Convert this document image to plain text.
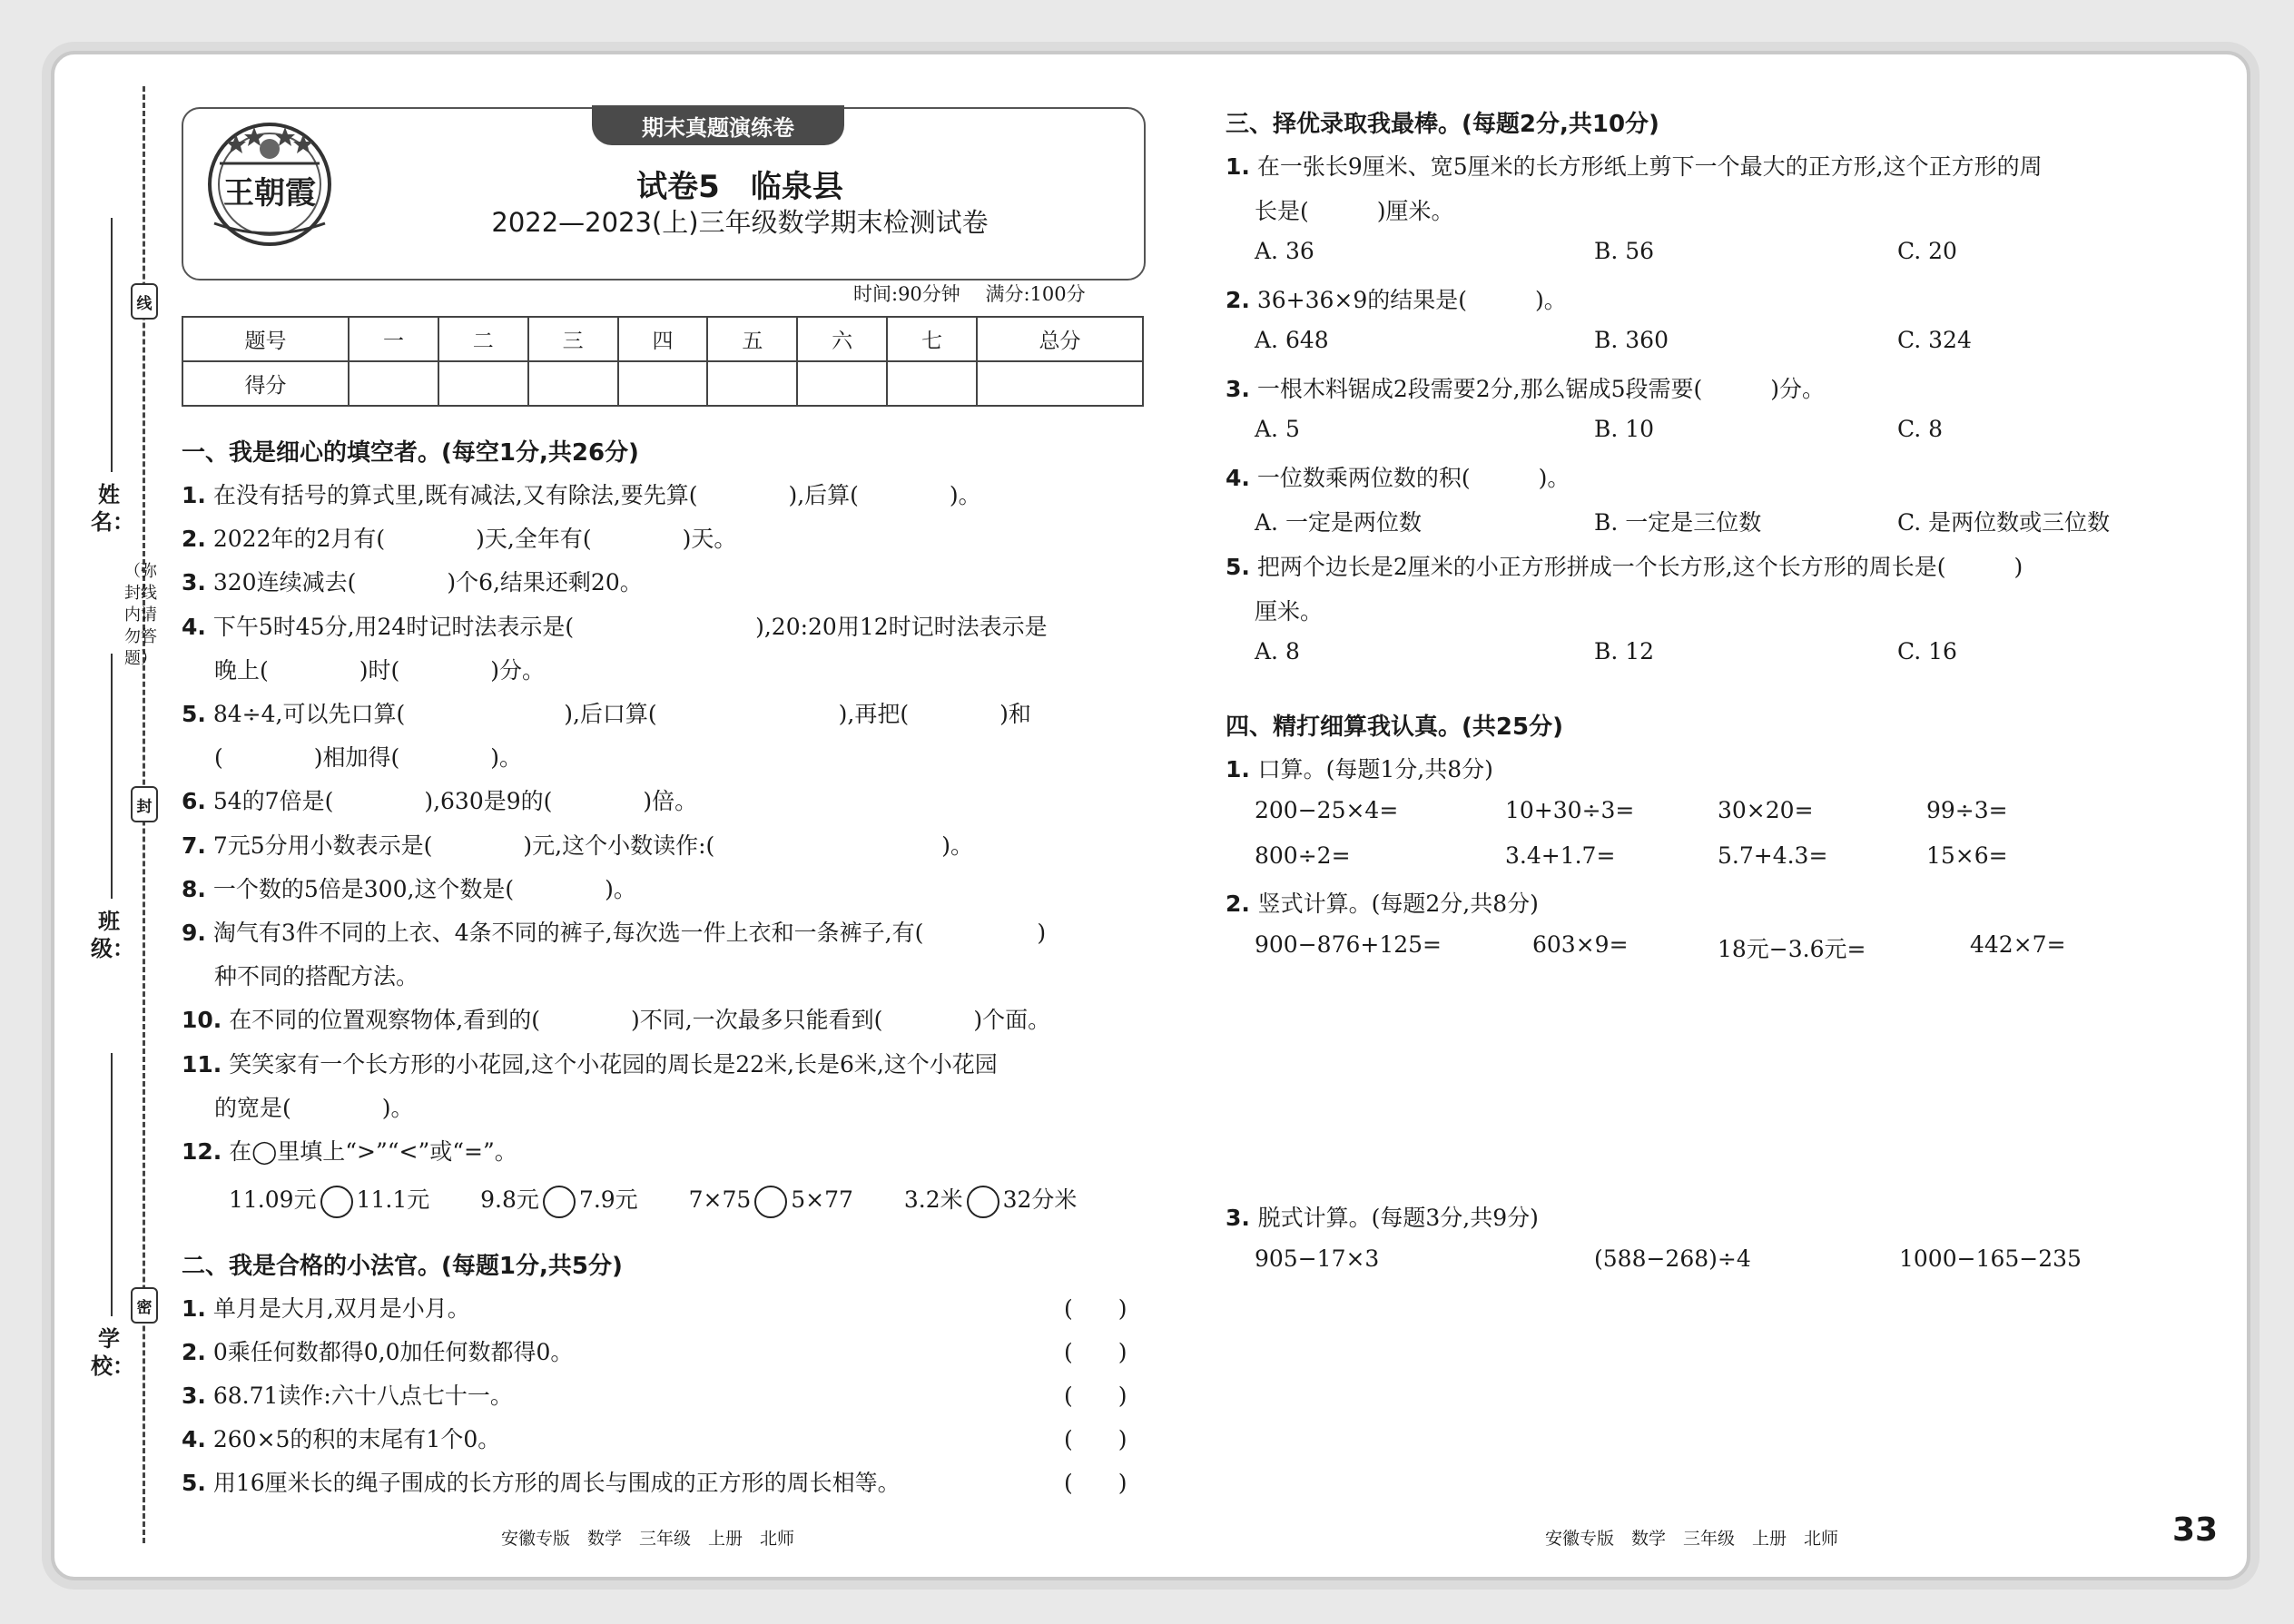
线
封
密
（弥封线内请勿答题）
姓名：
班级：
学校：
期末真题演练卷
王朝霞	试卷5　临泉县
2022—2023(上)三年级数学期末检测试卷
时间:90分钟　 满分:100分
题号	一	二	三	四	五	六	七	总分
得分								
一、我是细心的填空者。(每空1分,共26分)
1. 在没有括号的算式里,既有减法,又有除法,要先算(　　　　),后算(　　　　)。
2. 2022年的2月有(　　　　)天,全年有(　　　　)天。
3. 320连续减去(　　　　)个6,结果还剩20。
4. 下午5时45分,用24时记时法表示是(　　　　　　　　),20:20用12时记时法表示是
晚上(　　　　)时(　　　　)分。
5. 84÷4,可以先口算(　　　　　　　),后口算(　　　　　　　　),再把(　　　　)和
(　　　　)相加得(　　　　)。
6. 54的7倍是(　　　　),630是9的(　　　　)倍。
7. 7元5分用小数表示是(　　　　)元,这个小数读作:(　　　　　　　　　　)。
8. 一个数的5倍是300,这个数是(　　　　)。
9. 淘气有3件不同的上衣、4条不同的裤子,每次选一件上衣和一条裤子,有(　　　　　)
种不同的搭配方法。
10. 在不同的位置观察物体,看到的(　　　　)不同,一次最多只能看到(　　　　)个面。
11. 笑笑家有一个长方形的小花园,这个小花园的周长是22米,长是6米,这个小花园
的宽是(　　　　)。
12. 在◯里填上“>”“<”或“=”。
11.09元 11.1元 9.8元 7.9元 7×75 5×77 3.2米 32分米
二、我是合格的小法官。(每题1分,共5分)
1. 单月是大月,双月是小月。	(　　)
2. 0乘任何数都得0,0加任何数都得0。	(　　)
3. 68.71读作:六十八点七十一。	(　　)
4. 260×5的积的末尾有1个0。	(　　)
5. 用16厘米长的绳子围成的长方形的周长与围成的正方形的周长相等。	(　　)
三、择优录取我最棒。(每题2分,共10分)
1. 在一张长9厘米、宽5厘米的长方形纸上剪下一个最大的正方形,这个正方形的周
长是(　　　)厘米。
A. 36	B. 56	C. 20
2. 36+36×9的结果是(　　　)。
A. 648	B. 360	C. 324
3. 一根木料锯成2段需要2分,那么锯成5段需要(　　　)分。
A. 5	B. 10	C. 8
4. 一位数乘两位数的积(　　　)。
A. 一定是两位数	B. 一定是三位数	C. 是两位数或三位数
5. 把两个边长是2厘米的小正方形拼成一个长方形,这个长方形的周长是(　　　)
厘米。
A. 8	B. 12	C. 16
四、精打细算我认真。(共25分)
1. 口算。(每题1分,共8分)
200−25×4=	10+30÷3=	30×20=	99÷3=
800÷2=	3.4+1.7=	5.7+4.3=	15×6=
2. 竖式计算。(每题2分,共8分)
900−876+125=	603×9=	18元−3.6元=	442×7=
3. 脱式计算。(每题3分,共9分)
905−17×3	(588−268)÷4	1000−165−235
安徽专版　数学　三年级　上册　北师	安徽专版　数学　三年级　上册　北师	33
